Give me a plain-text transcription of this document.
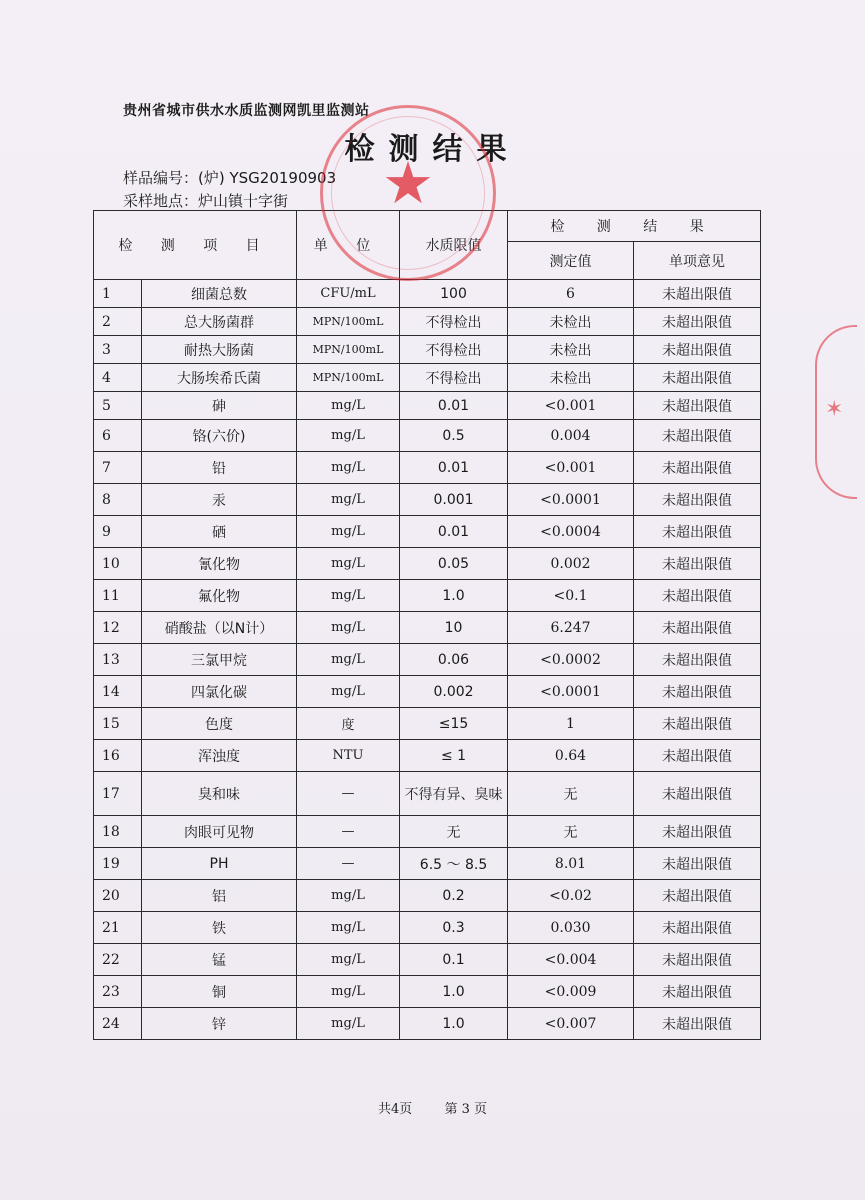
贵州省城市供水水质监测网凯里监测站
检测结果
样品编号：(炉) YSG20190903
采样地点：炉山镇十字街
检 测 项 目		单 位	水质限值	检 测 结 果	
				测定值	单项意见
1	细菌总数	CFU/mL	100	6	未超出限值
2	总大肠菌群	MPN/100mL	不得检出	未检出	未超出限值
3	耐热大肠菌	MPN/100mL	不得检出	未检出	未超出限值
4	大肠埃希氏菌	MPN/100mL	不得检出	未检出	未超出限值
5	砷	mg/L	0.01	<0.001	未超出限值
6	铬(六价)	mg/L	0.5	0.004	未超出限值
7	铅	mg/L	0.01	<0.001	未超出限值
8	汞	mg/L	0.001	<0.0001	未超出限值
9	硒	mg/L	0.01	<0.0004	未超出限值
10	氰化物	mg/L	0.05	0.002	未超出限值
11	氟化物	mg/L	1.0	<0.1	未超出限值
12	硝酸盐（以N计）	mg/L	10	6.247	未超出限值
13	三氯甲烷	mg/L	0.06	<0.0002	未超出限值
14	四氯化碳	mg/L	0.002	<0.0001	未超出限值
15	色度	度	≤15	1	未超出限值
16	浑浊度	NTU	≤ 1	0.64	未超出限值
17	臭和味	—	不得有异、臭味	无	未超出限值
18	肉眼可见物	—	无	无	未超出限值
19	PH	—	6.5 ～ 8.5	8.01	未超出限值
20	铝	mg/L	0.2	<0.02	未超出限值
21	铁	mg/L	0.3	0.030	未超出限值
22	锰	mg/L	0.1	<0.004	未超出限值
23	铜	mg/L	1.0	<0.009	未超出限值
24	锌	mg/L	1.0	<0.007	未超出限值
★
✶
共4页 第 3 页
